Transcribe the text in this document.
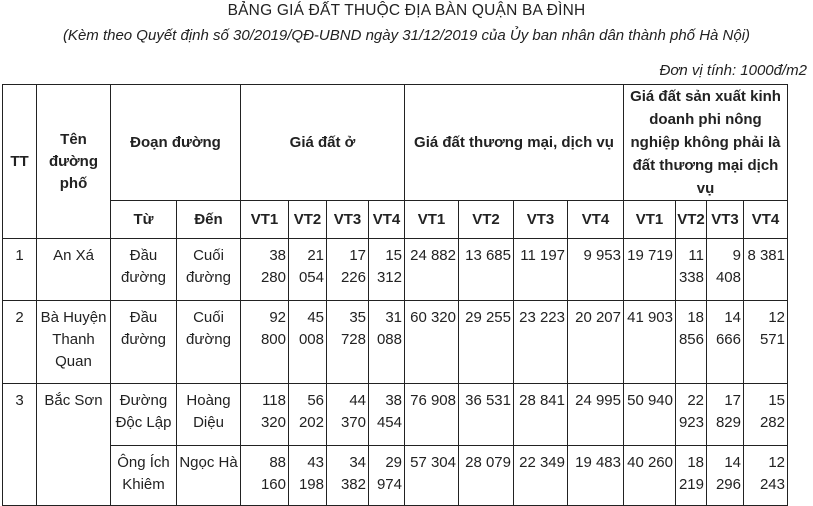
BẢNG GIÁ ĐẤT THUỘC ĐỊA BÀN QUẬN BA ĐÌNH
(Kèm theo Quyết định số 30/2019/QĐ-UBND ngày 31/12/2019 của Ủy ban nhân dân thành phố Hà Nội)
Đơn vị tính: 1000đ/m2
TT	Tên đường phố	Đoạn đường		Giá đất ở				Giá đất thương mại, dịch vụ				Giá đất sản xuất kinh doanh phi nông nghiệp không phải là đất thương mại dịch vụ			
		Từ	Đến	VT1	VT2	VT3	VT4	VT1	VT2	VT3	VT4	VT1	VT2	VT3	VT4
1	An Xá	Đầu đường	Cuối đường	38 280	21 054	17 226	15 312	24 882	13 685	11 197	9 953	19 719	11 338	9 408	8 381
2	Bà Huyện Thanh Quan	Đầu đường	Cuối đường	92 800	45 008	35 728	31 088	60 320	29 255	23 223	20 207	41 903	18 856	14 666	12 571
3	Bắc Sơn	Đường Độc Lập	Hoàng Diệu	118 320	56 202	44 370	38 454	76 908	36 531	28 841	24 995	50 940	22 923	17 829	15 282
		Ông Ích Khiêm	Ngọc Hà	88 160	43 198	34 382	29 974	57 304	28 079	22 349	19 483	40 260	18 219	14 296	12 243
